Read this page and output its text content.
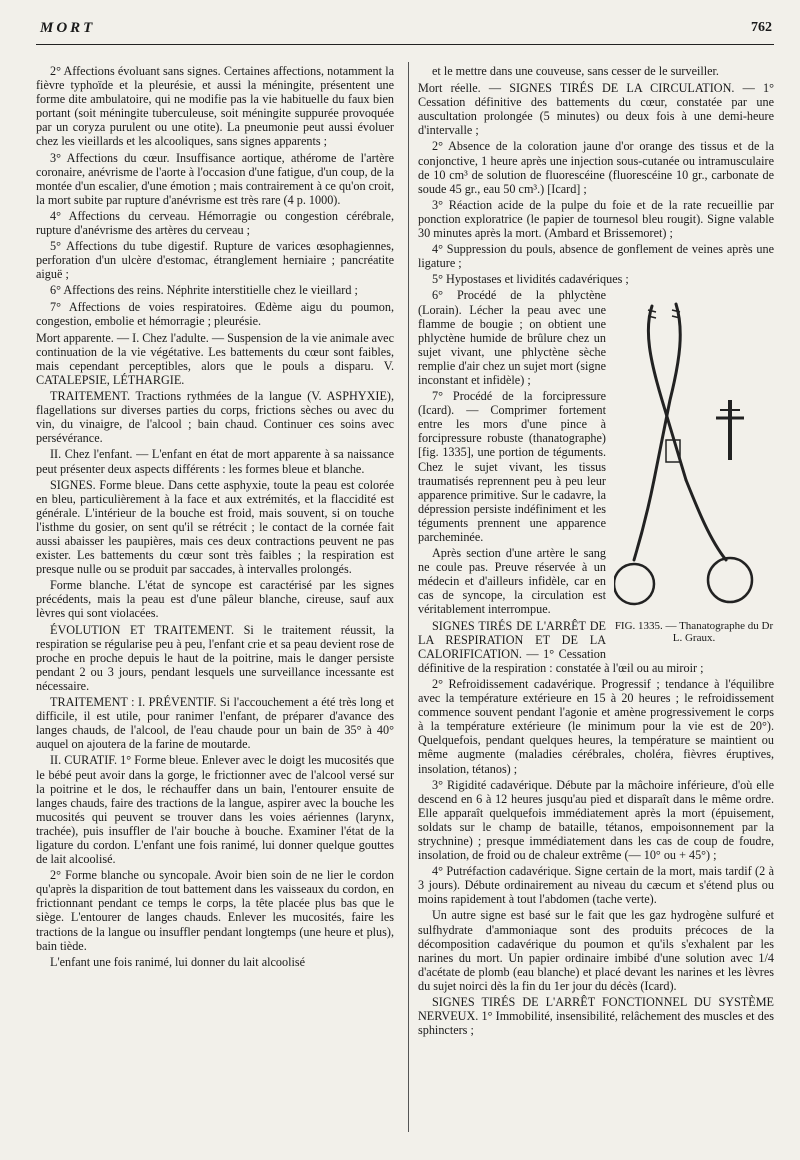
MORT	762

2° Affections évoluant sans signes. Certaines affections, notamment la fièvre typhoïde et la pleurésie, et aussi la méningite, présentent une forme dite ambulatoire, qui ne modifie pas la vie habituelle du faux bien portant (soit méningite tuberculeuse, soit méningite suppurée provoquée par un coryza purulent ou une otite). La pneumonie peut aussi évoluer chez les vieillards et les alcooliques, sans signes apparents ;

3° Affections du cœur. Insuffisance aortique, athérome de l'artère coronaire, anévrisme de l'aorte à l'occasion d'une fatigue, d'un coup, de la montée d'un escalier, d'une émotion ; mais contrairement à ce qu'on croit, la mort subite par rupture d'anévrisme est très rare (4 p. 1000).

4° Affections du cerveau. Hémorragie ou congestion cérébrale, rupture d'anévrisme des artères du cerveau ;

5° Affections du tube digestif. Rupture de varices œsophagiennes, perforation d'un ulcère d'estomac, étranglement herniaire ; pancréatite aiguë ;

6° Affections des reins. Néphrite interstitielle chez le vieillard ;

7° Affections de voies respiratoires. Œdème aigu du poumon, congestion, embolie et hémorragie ; pleurésie.

Mort apparente. — I. Chez l'adulte. — Suspension de la vie animale avec continuation de la vie végétative. Les battements du cœur sont faibles, mais cependant perceptibles, alors que le pouls a disparu. V. CATALEPSIE, LÉTHARGIE.

TRAITEMENT. Tractions rythmées de la langue (V. ASPHYXIE), flagellations sur diverses parties du corps, frictions sèches ou avec du vin, du vinaigre, de l'alcool ; bain chaud. Continuer ces soins avec persévérance.

II. Chez l'enfant. — L'enfant en état de mort apparente à sa naissance peut présenter deux aspects différents : les formes bleue et blanche.

SIGNES. Forme bleue. Dans cette asphyxie, toute la peau est colorée en bleu, particulièrement à la face et aux extrémités, et la flaccidité est générale. L'intérieur de la bouche est froid, mais souvent, si on touche l'isthme du gosier, on sent qu'il se rétrécit ; le contact de la cornée fait aussi abaisser les paupières, mais ces deux contractions peuvent ne pas exister. Les battements du cœur sont très faibles ; la respiration est presque nulle ou se produit par saccades, à intervalles prolongés.

Forme blanche. L'état de syncope est caractérisé par les signes précédents, mais la peau est d'une pâleur blanche, cireuse, sauf aux lèvres qui sont violacées.

ÉVOLUTION ET TRAITEMENT. Si le traitement réussit, la respiration se régularise peu à peu, l'enfant crie et sa peau devient rose de proche en proche depuis le haut de la poitrine, mais le danger persiste pendant 2 ou 3 jours, pendant lesquels une surveillance incessante est nécessaire.

TRAITEMENT : I. PRÉVENTIF. Si l'accouchement a été très long et difficile, il est utile, pour ranimer l'enfant, de préparer d'avance des langes chauds, de l'alcool, de l'eau chaude pour un bain de 35° à 40° auquel on ajoutera de la farine de moutarde.

II. CURATIF. 1° Forme bleue. Enlever avec le doigt les mucosités que le bébé peut avoir dans la gorge, le frictionner avec de l'alcool versé sur la poitrine et le dos, le réchauffer dans un bain, l'entourer ensuite de langes chauds, faire des tractions de la langue, aspirer avec la bouche les mucosités qui peuvent se trouver dans les voies aériennes (larynx, trachée), puis insuffler de l'air bouche à bouche. Examiner l'état de la ligature du cordon. L'enfant une fois ranimé, lui donner quelque gouttes de lait alcoolisé.

2° Forme blanche ou syncopale. Avoir bien soin de ne lier le cordon qu'après la disparition de tout battement dans les vaisseaux du cordon, en frictionnant pendant ce temps le corps, la tête placée plus bas que le siège. L'entourer de langes chauds. Enlever les mucosités, faire les tractions de la langue ou insuffler pendant longtemps (une heure et plus), bain tiède.

L'enfant une fois ranimé, lui donner du lait alcoolisé

et le mettre dans une couveuse, sans cesser de le surveiller.

Mort réelle. — SIGNES TIRÉS DE LA CIRCULATION. — 1° Cessation définitive des battements du cœur, constatée par une auscultation prolongée (5 minutes) ou deux fois à une demi-heure d'intervalle ;

2° Absence de la coloration jaune d'or orange des tissus et de la conjonctive, 1 heure après une injection sous-cutanée ou intramusculaire de 10 cm³ de solution de fluorescéine (fluorescéine 10 gr., carbonate de soude 45 gr., eau 50 cm³.) [Icard] ;

3° Réaction acide de la pulpe du foie et de la rate recueillie par ponction exploratrice (le papier de tournesol bleu rougit). Signe valable 30 minutes après la mort. (Ambard et Brissemoret) ;

4° Suppression du pouls, absence de gonflement de veines après une ligature ;

5° Hypostases et lividités cadavériques ;

FIG. 1335. — Thanatographe du Dr L. Graux.

6° Procédé de la phlyctène (Lorain). Lécher la peau avec une flamme de bougie ; on obtient une phlyctène humide de brûlure chez un sujet vivant, une phlyctène sèche remplie d'air chez un sujet mort (signe inconstant et infidèle) ;

7° Procédé de la forcipressure (Icard). — Comprimer fortement entre les mors d'une pince à forcipressure robuste (thanatographe) [fig. 1335], une portion de téguments. Chez le sujet vivant, les tissus traumatisés reprennent peu à peu leur apparence primitive. Sur le cadavre, la dépression persiste indéfiniment et les téguments prennent une apparence parcheminée.

Après section d'une artère le sang ne coule pas. Preuve réservée à un médecin et d'ailleurs infidèle, car en cas de syncope, la circulation est véritablement interrompue.

SIGNES TIRÉS DE L'ARRÊT DE LA RESPIRATION ET DE LA CALORIFICATION. — 1° Cessation définitive de la respiration : constatée à l'œil ou au miroir ;

2° Refroidissement cadavérique. Progressif ; tendance à l'équilibre avec la température extérieure en 15 à 20 heures ; le refroidissement commence souvent pendant l'agonie et amène progressivement le corps à la température extérieure (le minimum pour la vie est de 20°). Quelquefois, pendant quelques heures, la température se maintient ou même augmente (maladies cérébrales, choléra, fièvres éruptives, insolation, tétanos) ;

3° Rigidité cadavérique. Débute par la mâchoire inférieure, d'où elle descend en 6 à 12 heures jusqu'au pied et disparaît dans le même ordre. Elle apparaît quelquefois immédiatement après la mort (épuisement, soldats sur le champ de bataille, tétanos, empoisonnement par la strychnine) ; presque immédiatement dans les cas de coup de foudre, insolation, de froid ou de chaleur extrême (— 10° ou + 45°) ;

4° Putréfaction cadavérique. Signe certain de la mort, mais tardif (2 à 3 jours). Débute ordinairement au niveau du cæcum et s'étend plus ou moins rapidement à tout l'abdomen (tache verte).

Un autre signe est basé sur le fait que les gaz hydrogène sulfuré et sulfhydrate d'ammoniaque sont des produits précoces de la décomposition cadavérique du poumon et qu'ils s'exhalent par les narines du mort. Un papier ordinaire imbibé d'une solution avec 1/4 d'acétate de plomb (eau blanche) et placé devant les narines et les lèvres du sujet noirci dès la fin du 1er jour du décès (Icard).

SIGNES TIRÉS DE L'ARRÊT FONCTIONNEL DU SYSTÈME NERVEUX. 1° Immobilité, insensibilité, relâchement des muscles et des sphincters ;
